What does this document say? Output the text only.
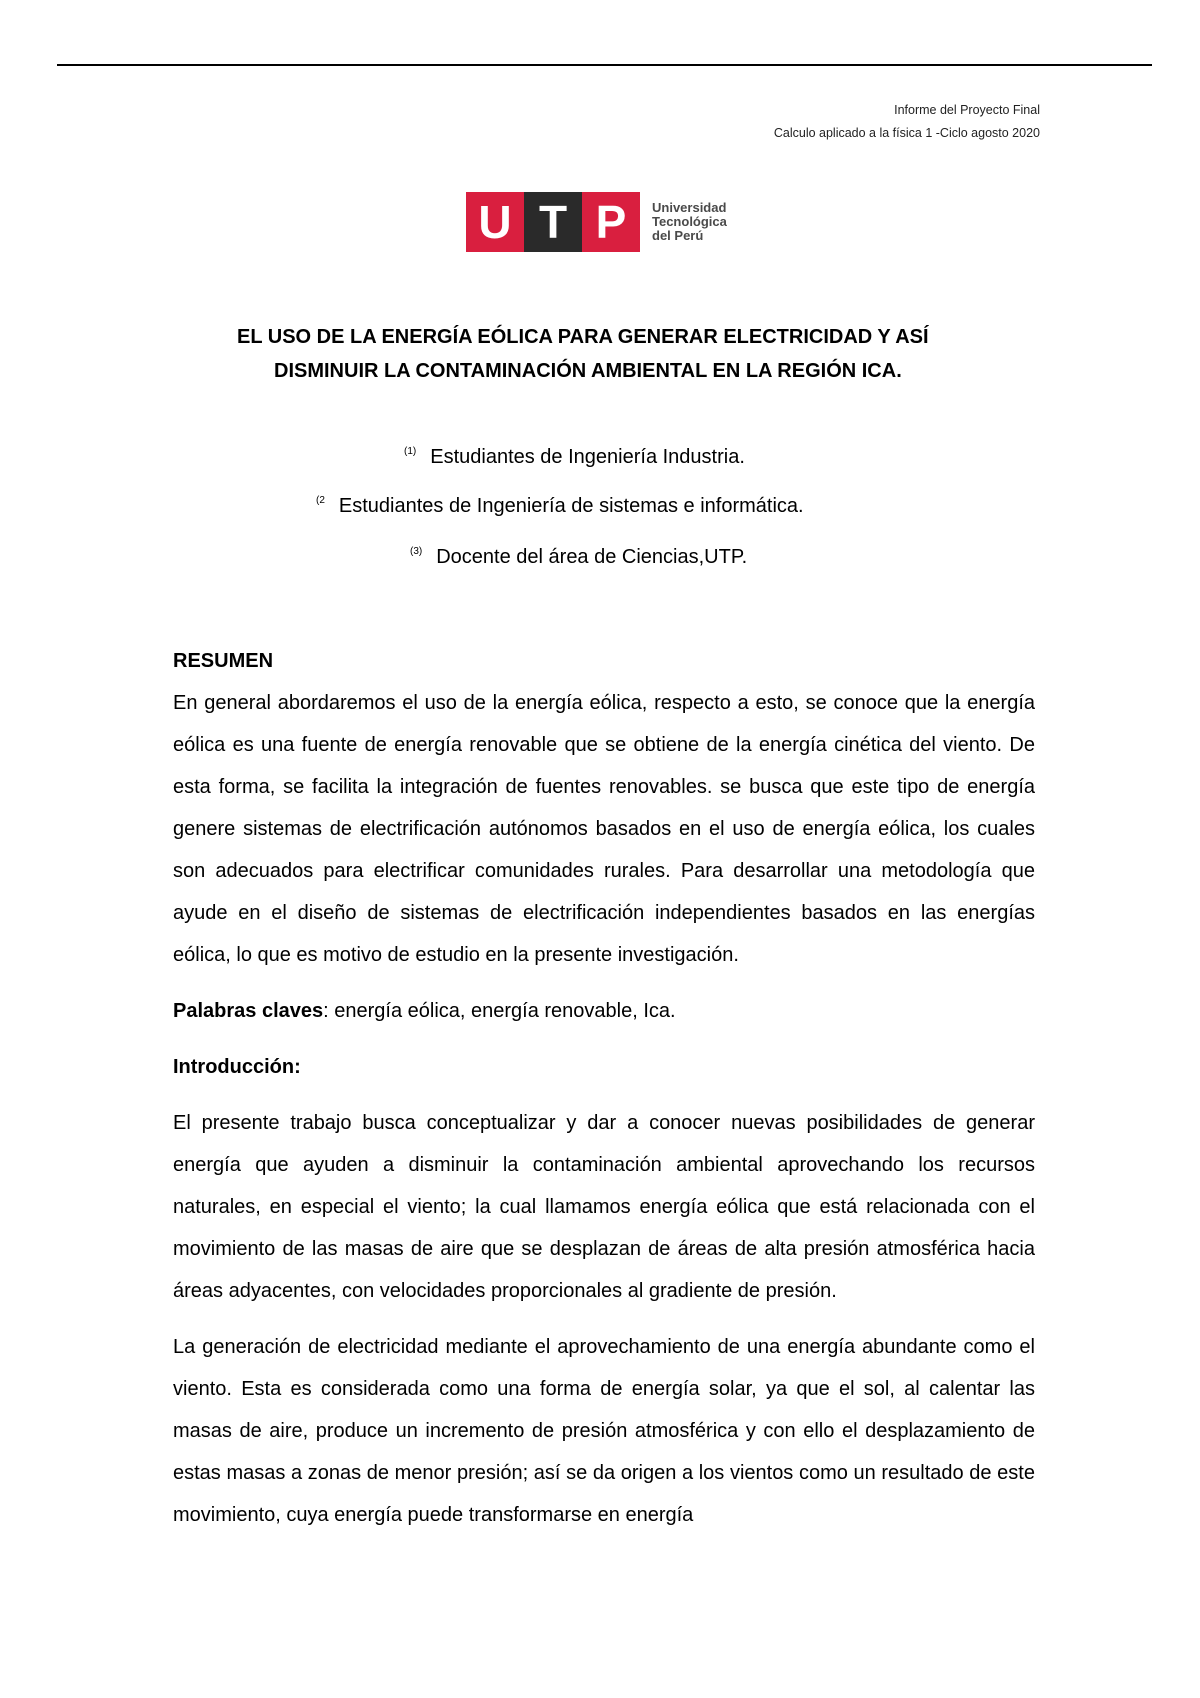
Informe del Proyecto Final
Calculo aplicado a la física 1 -Ciclo agosto 2020
U T P	Universidad
Tecnológica
del Perú
EL USO DE LA ENERGÍA EÓLICA PARA GENERAR ELECTRICIDAD Y ASÍ
DISMINUIR LA CONTAMINACIÓN AMBIENTAL EN LA REGIÓN ICA.
$^{(1)}$ Estudiantes de Ingeniería Industria.
$^{(2}$ Estudiantes de Ingeniería de sistemas e informática.
$^{(3)}$ Docente del área de Ciencias,UTP.

RESUMEN

En general abordaremos el uso de la energía eólica, respecto a esto, se conoce que la energía eólica es una fuente de energía renovable que se obtiene de la energía cinética del viento. De esta forma, se facilita la integración de fuentes renovables. se busca que este tipo de energía genere sistemas de electrificación autónomos basados en el uso de energía eólica, los cuales son adecuados para electrificar comunidades rurales. Para desarrollar una metodología que ayude en el diseño de sistemas de electrificación independientes basados en las energías eólica, lo que es motivo de estudio en la presente investigación.

Palabras claves: energía eólica, energía renovable, Ica.

Introducción:

El presente trabajo busca conceptualizar y dar a conocer nuevas posibilidades de generar energía que ayuden a disminuir la contaminación ambiental aprovechando los recursos naturales, en especial el viento; la cual llamamos energía eólica que está relacionada con el movimiento de las masas de aire que se desplazan de áreas de alta presión atmosférica hacia áreas adyacentes, con velocidades proporcionales al gradiente de presión.

La generación de electricidad mediante el aprovechamiento de una energía abundante como el viento. Esta es considerada como una forma de energía solar, ya que el sol, al calentar las masas de aire, produce un incremento de presión atmosférica y con ello el desplazamiento de estas masas a zonas de menor presión; así se da origen a los vientos como un resultado de este movimiento, cuya energía puede transformarse en energía
